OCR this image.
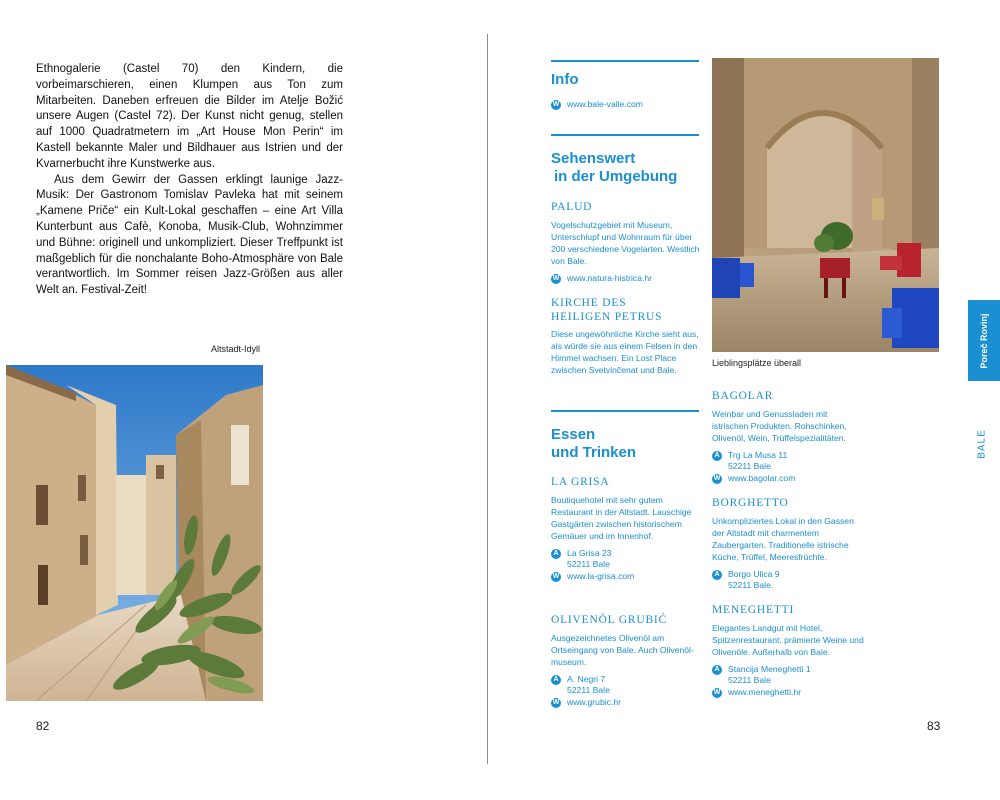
Ethnogalerie (Castel 70) den Kindern, die vorbeimarschieren, einen Klumpen aus Ton zum Mitarbeiten. Daneben erfreuen die Bilder im Atelje Božić unsere Augen (Castel 72). Der Kunst nicht genug, stellen auf 1000 Quadratmetern im „Art House Mon Perin“ im Kastell bekannte Maler und Bildhauer aus Istrien und der Kvarnerbucht ihre Kunstwerke aus.

Aus dem Gewirr der Gassen erklingt launige Jazz-Musik: Der Gastronom Tomislav Pavleka hat mit seinem „Kamene Priče“ ein Kult-Lokal geschaffen – eine Art Villa Kunterbunt aus Cafè, Konoba, Musik-Club, Wohnzimmer und Bühne: originell und unkompliziert. Dieser Treffpunkt ist maßgeblich für die nonchalante Boho-Atmosphäre von Bale verantwortlich. Im Sommer reisen Jazz-Größen aus aller Welt an. Festival-Zeit!

Altstadt-Idyll
82
Info
W www.bale-valle.com
Sehenswert
in der Umgebung
PALUD
Vogelschutzgebiet mit Museum, Unterschlupf und Wohnraum für über 200 verschiedene Vogelarten. Westlich von Bale.
W www.natura-histrica.hr
KIRCHE DES
HEILIGEN PETRUS
Diese ungewöhnliche Kirche sieht aus, als würde sie aus einem Felsen in den Himmel wachsen. Ein Lost Place zwischen Svetvinčenat und Bale.
Essen
und Trinken
LA GRISA
Boutiquehotel mit sehr gutem Restaurant in der Altstadt. Lauschige Gastgärten zwischen historischem Gemäuer und im Innenhof.
A La Grisa 23
52211 Bale
W www.la-grisa.com
OLIVENÖL GRUBIĆ
Ausgezeichnetes Olivenöl am Ortseingang von Bale. Auch Olivenöl-museum.
A A. Negri 7
52211 Bale
W www.grubic.hr
Lieblingsplätze überall
BAGOLAR
Weinbar und Genussladen mit istrischen Produkten. Rohschinken, Olivenöl, Wein, Trüffelspezialitäten.
A Trg La Musa 11
52211 Bale
W www.bagolar.com
BORGHETTO
Unkompliziertes Lokal in den Gassen der Altstadt mit charmentem Zaubergarten. Traditionelle istrische Küche, Trüffel, Meeresfrüchte.
A Borgo Ulica 9
52211 Bale.
MENEGHETTI
Elegantes Landgut mit Hotel, Spitzenrestaurant, prämierte Weine und Olivenöle. Außerhalb von Bale.
A Stancija Meneghetti 1
52211 Bale
W www.meneghetti.hr
Poreč Rovinj
BALE
83
